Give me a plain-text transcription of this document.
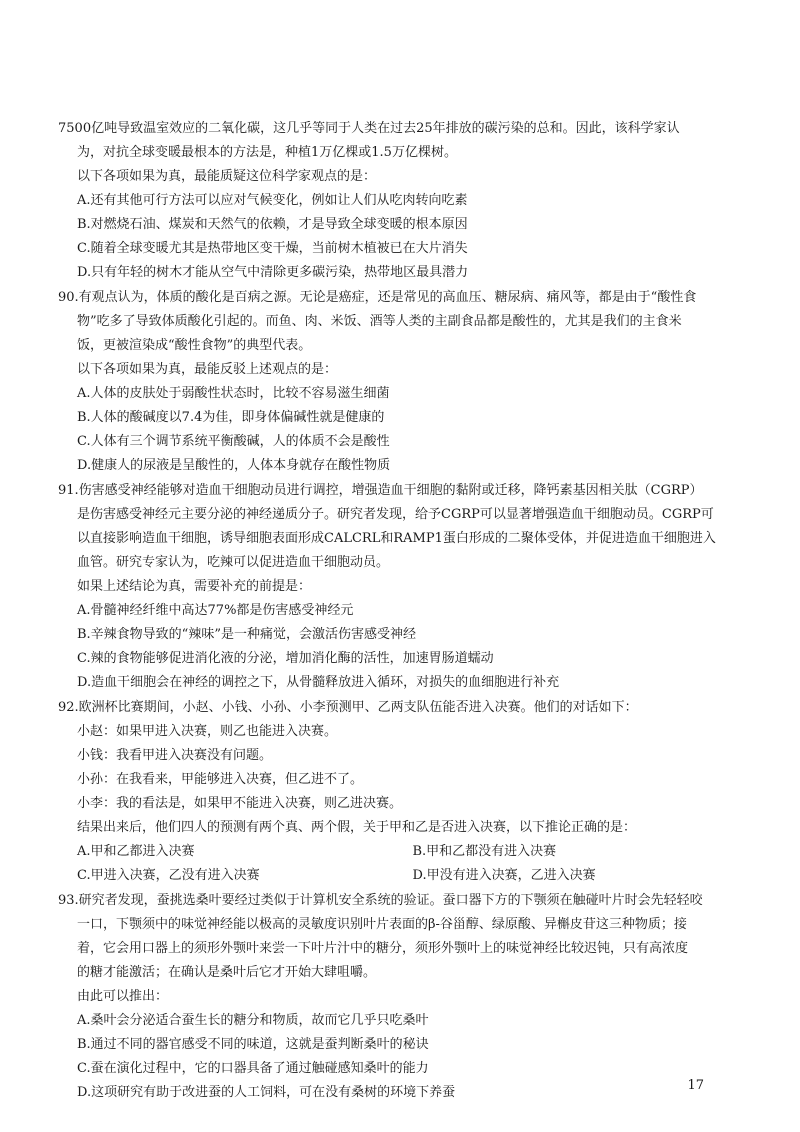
7500亿吨导致温室效应的二氧化碳，这几乎等同于人类在过去25年排放的碳污染的总和。因此，该科学家认
为，对抗全球变暖最根本的方法是，种植1万亿棵或1.5万亿棵树。
以下各项如果为真，最能质疑这位科学家观点的是：
A.还有其他可行方法可以应对气候变化，例如让人们从吃肉转向吃素
B.对燃烧石油、煤炭和天然气的依赖，才是导致全球变暖的根本原因
C.随着全球变暖尤其是热带地区变干燥，当前树木植被已在大片消失
D.只有年轻的树木才能从空气中清除更多碳污染，热带地区最具潜力
90.有观点认为，体质的酸化是百病之源。无论是癌症，还是常见的高血压、糖尿病、痛风等，都是由于“酸性食
物”吃多了导致体质酸化引起的。而鱼、肉、米饭、酒等人类的主副食品都是酸性的，尤其是我们的主食米
饭，更被渲染成“酸性食物”的典型代表。
以下各项如果为真，最能反驳上述观点的是：
A.人体的皮肤处于弱酸性状态时，比较不容易滋生细菌
B.人体的酸碱度以7.4为佳，即身体偏碱性就是健康的
C.人体有三个调节系统平衡酸碱，人的体质不会是酸性
D.健康人的尿液是呈酸性的，人体本身就存在酸性物质
91.伤害感受神经能够对造血干细胞动员进行调控，增强造血干细胞的黏附或迁移，降钙素基因相关肽（CGRP）
是伤害感受神经元主要分泌的神经递质分子。研究者发现，给予CGRP可以显著增强造血干细胞动员。CGRP可
以直接影响造血干细胞，诱导细胞表面形成CALCRL和RAMP1蛋白形成的二聚体受体，并促进造血干细胞进入
血管。研究专家认为，吃辣可以促进造血干细胞动员。
如果上述结论为真，需要补充的前提是：
A.骨髓神经纤维中高达77%都是伤害感受神经元
B.辛辣食物导致的“辣味”是一种痛觉，会激活伤害感受神经
C.辣的食物能够促进消化液的分泌，增加消化酶的活性，加速胃肠道蠕动
D.造血干细胞会在神经的调控之下，从骨髓释放进入循环，对损失的血细胞进行补充
92.欧洲杯比赛期间，小赵、小钱、小孙、小李预测甲、乙两支队伍能否进入决赛。他们的对话如下：
小赵：如果甲进入决赛，则乙也能进入决赛。
小钱：我看甲进入决赛没有问题。
小孙：在我看来，甲能够进入决赛，但乙进不了。
小李：我的看法是，如果甲不能进入决赛，则乙进决赛。
结果出来后，他们四人的预测有两个真、两个假，关于甲和乙是否进入决赛，以下推论正确的是：
A.甲和乙都进入决赛	B.甲和乙都没有进入决赛
C.甲进入决赛，乙没有进入决赛	D.甲没有进入决赛，乙进入决赛
93.研究者发现，蚕挑选桑叶要经过类似于计算机安全系统的验证。蚕口器下方的下颚须在触碰叶片时会先轻轻咬
一口，下颚须中的味觉神经能以极高的灵敏度识别叶片表面的β-谷甾醇、绿原酸、异槲皮苷这三种物质；接
着，它会用口器上的须形外颚叶来尝一下叶片汁中的糖分，须形外颚叶上的味觉神经比较迟钝，只有高浓度
的糖才能激活；在确认是桑叶后它才开始大肆咀嚼。
由此可以推出：
A.桑叶会分泌适合蚕生长的糖分和物质，故而它几乎只吃桑叶
B.通过不同的器官感受不同的味道，这就是蚕判断桑叶的秘诀
C.蚕在演化过程中，它的口器具备了通过触碰感知桑叶的能力
D.这项研究有助于改进蚕的人工饲料，可在没有桑树的环境下养蚕	17
